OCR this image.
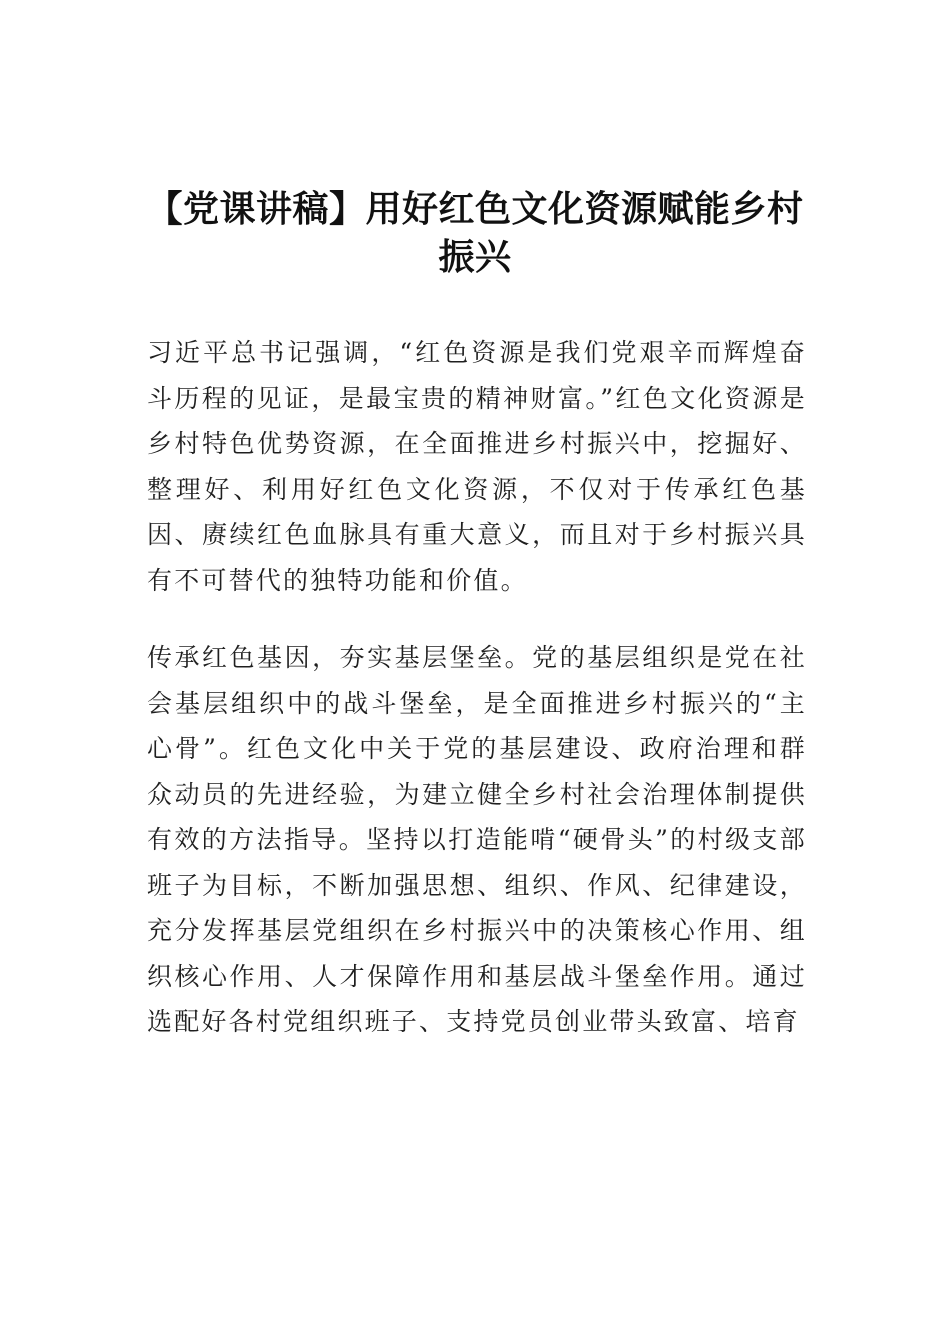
【党课讲稿】用好红色文化资源赋能乡村振兴

习近平总书记强调，“红色资源是我们党艰辛而辉煌奋斗历程的见证，是最宝贵的精神财富。”红色文化资源是乡村特色优势资源，在全面推进乡村振兴中，挖掘好、整理好、利用好红色文化资源，不仅对于传承红色基因、赓续红色血脉具有重大意义，而且对于乡村振兴具有不可替代的独特功能和价值。

传承红色基因，夯实基层堡垒。党的基层组织是党在社会基层组织中的战斗堡垒，是全面推进乡村振兴的“主心骨”。红色文化中关于党的基层建设、政府治理和群众动员的先进经验，为建立健全乡村社会治理体制提供有效的方法指导。坚持以打造能啃“硬骨头”的村级支部班子为目标，不断加强思想、组织、作风、纪律建设，充分发挥基层党组织在乡村振兴中的决策核心作用、组织核心作用、人才保障作用和基层战斗堡垒作用。通过选配好各村党组织班子、支持党员创业带头致富、培育
